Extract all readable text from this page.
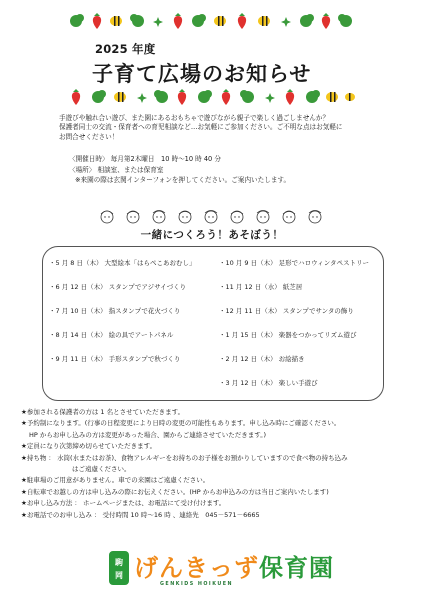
2025 年度
子育て広場のお知らせ

手遊びや触れ合い遊び、また園にあるおもちゃで遊びながら親子で楽しく過ごしませんか？

保護者同士の交流・保育者への育児相談など…お気軽にご参加ください。ご不明な点はお気軽に

お問合せください！

〈開催日時〉 毎月第2木曜日　10 時～10 時 40 分

〈場所〉 相談室、または保育室

※来園の際は玄関インターフォンを押してください。ご案内いたします。

一緒につくろう！あそぼう！
・5 月 8 日（木） 大型絵本「はらぺこあおむし」
・6 月 12 日（木） スタンプでアジサイづくり
・7 月 10 日（木） 指スタンプで花火づくり
・8 月 14 日（木） 絵の具でアートパネル
・9 月 11 日（木） 手形スタンプで秋づくり
・10 月 9 日（木） 足形でハロウィンタペストリー
・11 月 12 日（水） 紙芝居
・12 月 11 日（木） スタンプでサンタの飾り
・1 月 15 日（木） 楽器をつかってリズム遊び
・2 月 12 日（木） お絵描き
・3 月 12 日（木） 楽しい手遊び

★参加される保護者の方は 1 名とさせていただきます。

★予約制になります。(行事の日程変更により日時の変更の可能性もあります。申し込み時にご確認ください。

HP からお申し込みの方は変更があった場合、園からご連絡させていただきます。)

★定員になり次第締め切らせていただきます。

★持ち物 ： 水筒(水またはお茶)、食物アレルギーをお持ちのお子様をお預かりしていますので食べ物の持ち込み

はご遠慮ください。

★駐車場のご用意がありません。車での来園はご遠慮ください。

★自転車でお越しの方は申し込みの際にお伝えください。(HP からお申込みの方は当日ご案内いたします)

★お申し込み方法 ： ホームページまたは、お電話にて受け付けます。

★お電話でのお申し込み ： 受付時間 10 時～16 時 、連絡先　045－571－6665

駒
岡 げんきっず保育園
GENKIDS HOIKUEN
